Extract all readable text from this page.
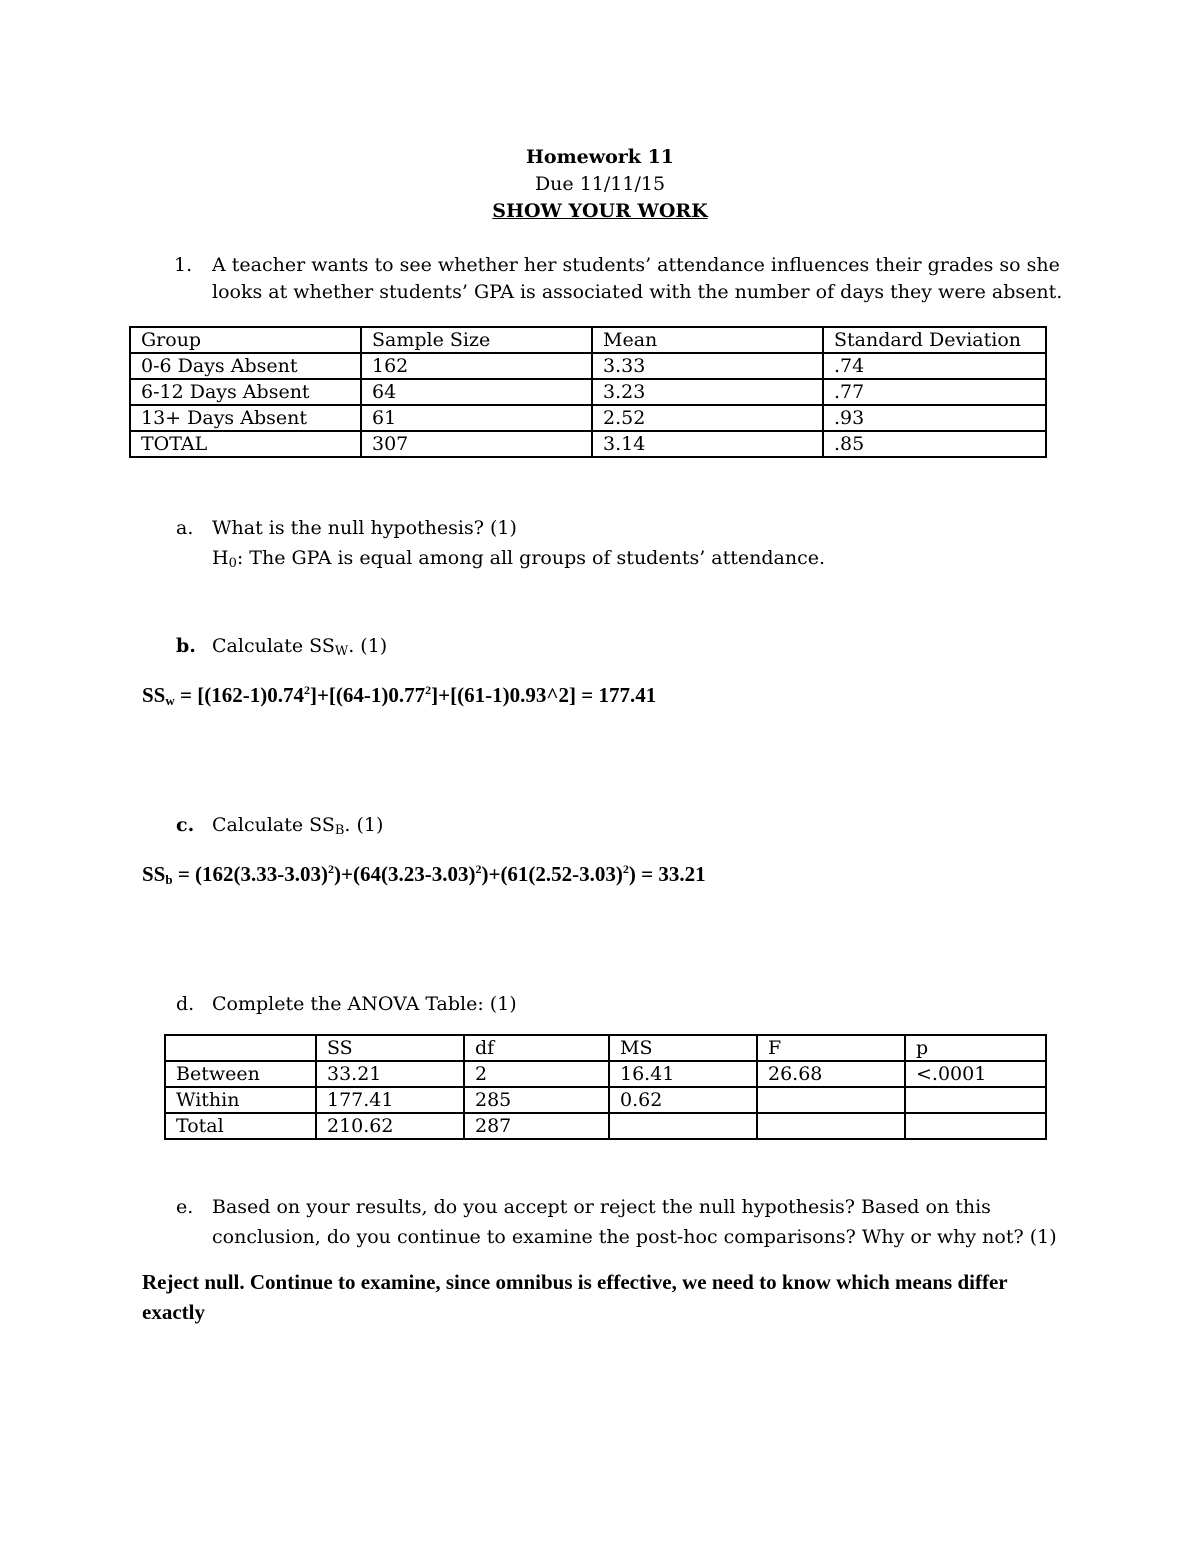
Homework 11
Due 11/11/15
SHOW YOUR WORK
1. A teacher wants to see whether her students’ attendance influences their grades so she
looks at whether students’ GPA is associated with the number of days they were absent.
Group	Sample Size	Mean	Standard Deviation
0-6 Days Absent	162	3.33	.74
6-12 Days Absent	64	3.23	.77
13+ Days Absent	61	2.52	.93
TOTAL	307	3.14	.85
a. What is the null hypothesis? (1)
H0: The GPA is equal among all groups of students’ attendance.
b. Calculate SSW. (1)
$SS_w$ = $[(162-1)0.74^2]+[(64-1)0.77^2]+[(61-1)0.93\^{}2] = 177.41$
c. Calculate SSB. (1)
$SS_b = (162(3.33-3.03)^2)+(64(3.23-3.03)^2)+(61(2.52-3.03)^2) = 33.21$
d. Complete the ANOVA Table: (1)
	SS	df	MS	F	p
Between	33.21	2	16.41	26.68	<.0001
Within	177.41	285	0.62		
Total	210.62	287			
e. Based on your results, do you accept or reject the null hypothesis? Based on this
conclusion, do you continue to examine the post-hoc comparisons? Why or why not? (1)
Reject null. Continue to examine, since omnibus is effective, we need to know which means differ exactly
